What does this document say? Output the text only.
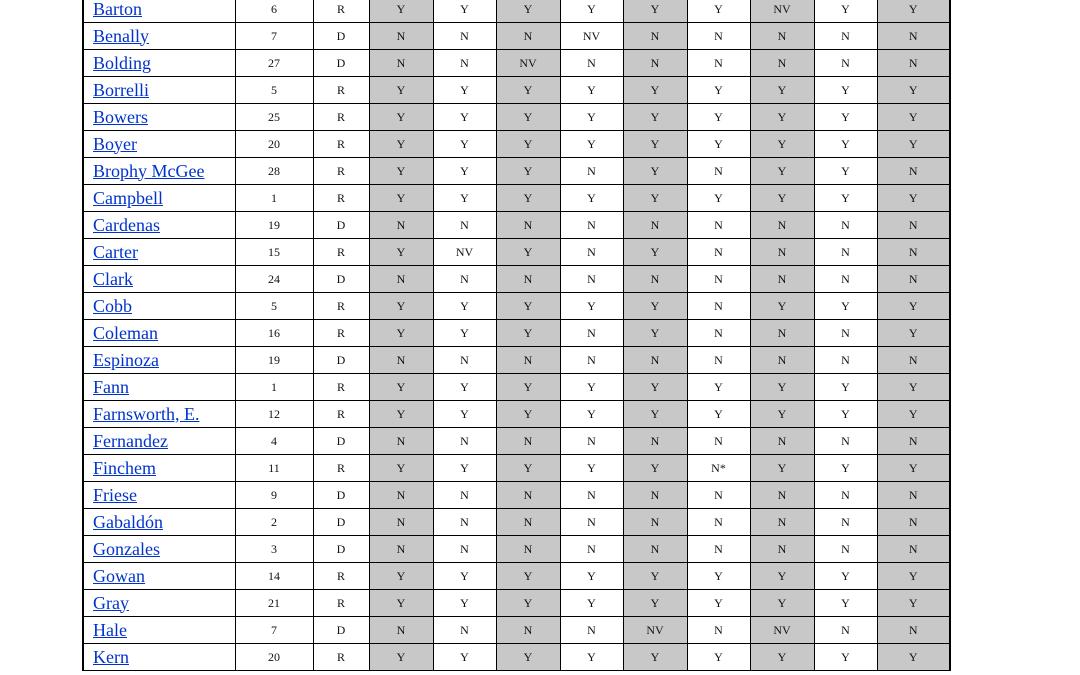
Barton	6	R	Y	Y	Y	Y	Y	Y	NV	Y	Y
Benally	7	D	N	N	N	NV	N	N	N	N	N
Bolding	27	D	N	N	NV	N	N	N	N	N	N
Borrelli	5	R	Y	Y	Y	Y	Y	Y	Y	Y	Y
Bowers	25	R	Y	Y	Y	Y	Y	Y	Y	Y	Y
Boyer	20	R	Y	Y	Y	Y	Y	Y	Y	Y	Y
Brophy McGee	28	R	Y	Y	Y	N	Y	N	Y	Y	N
Campbell	1	R	Y	Y	Y	Y	Y	Y	Y	Y	Y
Cardenas	19	D	N	N	N	N	N	N	N	N	N
Carter	15	R	Y	NV	Y	N	Y	N	N	N	N
Clark	24	D	N	N	N	N	N	N	N	N	N
Cobb	5	R	Y	Y	Y	Y	Y	N	Y	Y	Y
Coleman	16	R	Y	Y	Y	N	Y	N	N	N	Y
Espinoza	19	D	N	N	N	N	N	N	N	N	N
Fann	1	R	Y	Y	Y	Y	Y	Y	Y	Y	Y
Farnsworth, E.	12	R	Y	Y	Y	Y	Y	Y	Y	Y	Y
Fernandez	4	D	N	N	N	N	N	N	N	N	N
Finchem	11	R	Y	Y	Y	Y	Y	N*	Y	Y	Y
Friese	9	D	N	N	N	N	N	N	N	N	N
Gabaldón	2	D	N	N	N	N	N	N	N	N	N
Gonzales	3	D	N	N	N	N	N	N	N	N	N
Gowan	14	R	Y	Y	Y	Y	Y	Y	Y	Y	Y
Gray	21	R	Y	Y	Y	Y	Y	Y	Y	Y	Y
Hale	7	D	N	N	N	N	NV	N	NV	N	N
Kern	20	R	Y	Y	Y	Y	Y	Y	Y	Y	Y
